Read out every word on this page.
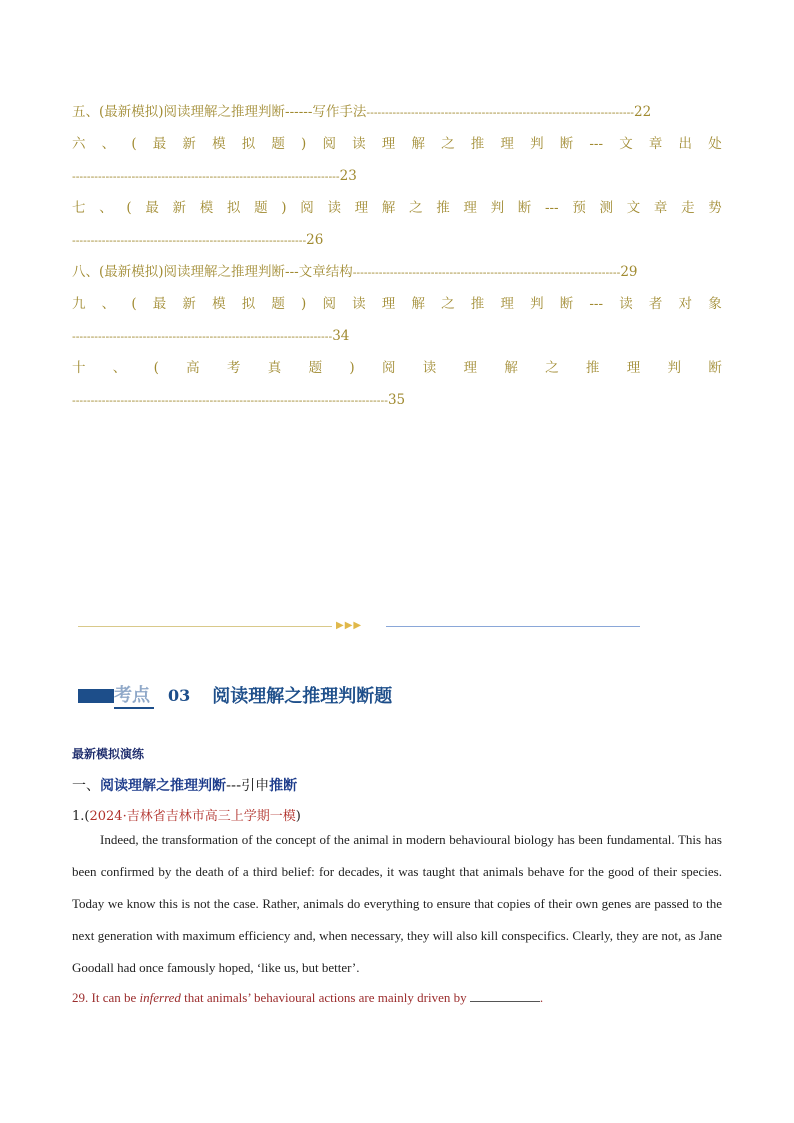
五、(最新模拟)阅读理解之推理判断------写作手法------------------------------------------------------------------------22
六 、 ( 最 新 模 拟 题 ) 阅 读 理 解 之 推 理 判 断 --- 文 章 出 处
------------------------------------------------------------------------23
七 、 ( 最 新 模 拟 题 ) 阅 读 理 解 之 推 理 判 断 --- 预 测 文 章 走 势
---------------------------------------------------------------26
八、(最新模拟)阅读理解之推理判断---文章结构------------------------------------------------------------------------29
九 、 ( 最 新 模 拟 题 ) 阅 读 理 解 之 推 理 判 断 --- 读 者 对 象
----------------------------------------------------------------------34
十 、 ( 高 考 真 题 ) 阅 读 理 解 之 推 理 判 断
-------------------------------------------------------------------------------------35
▶▶▶
考点 03 阅读理解之推理判断题
最新模拟演练
一、阅读理解之推理判断---引申推断
1.(2024·吉林省吉林市高三上学期一模)

Indeed, the transformation of the concept of the animal in modern behavioural biology has been fundamental. This has been confirmed by the death of a third belief: for decades, it was taught that animals behave for the good of their species. Today we know this is not the case. Rather, animals do everything to ensure that copies of their own genes are passed to the next generation with maximum efficiency and, when necessary, they will also kill conspecifics. Clearly, they are not, as Jane Goodall had once famously hoped, ‘like us, but better’.

29. It can be inferred that animals’ behavioural actions are mainly driven by	.
